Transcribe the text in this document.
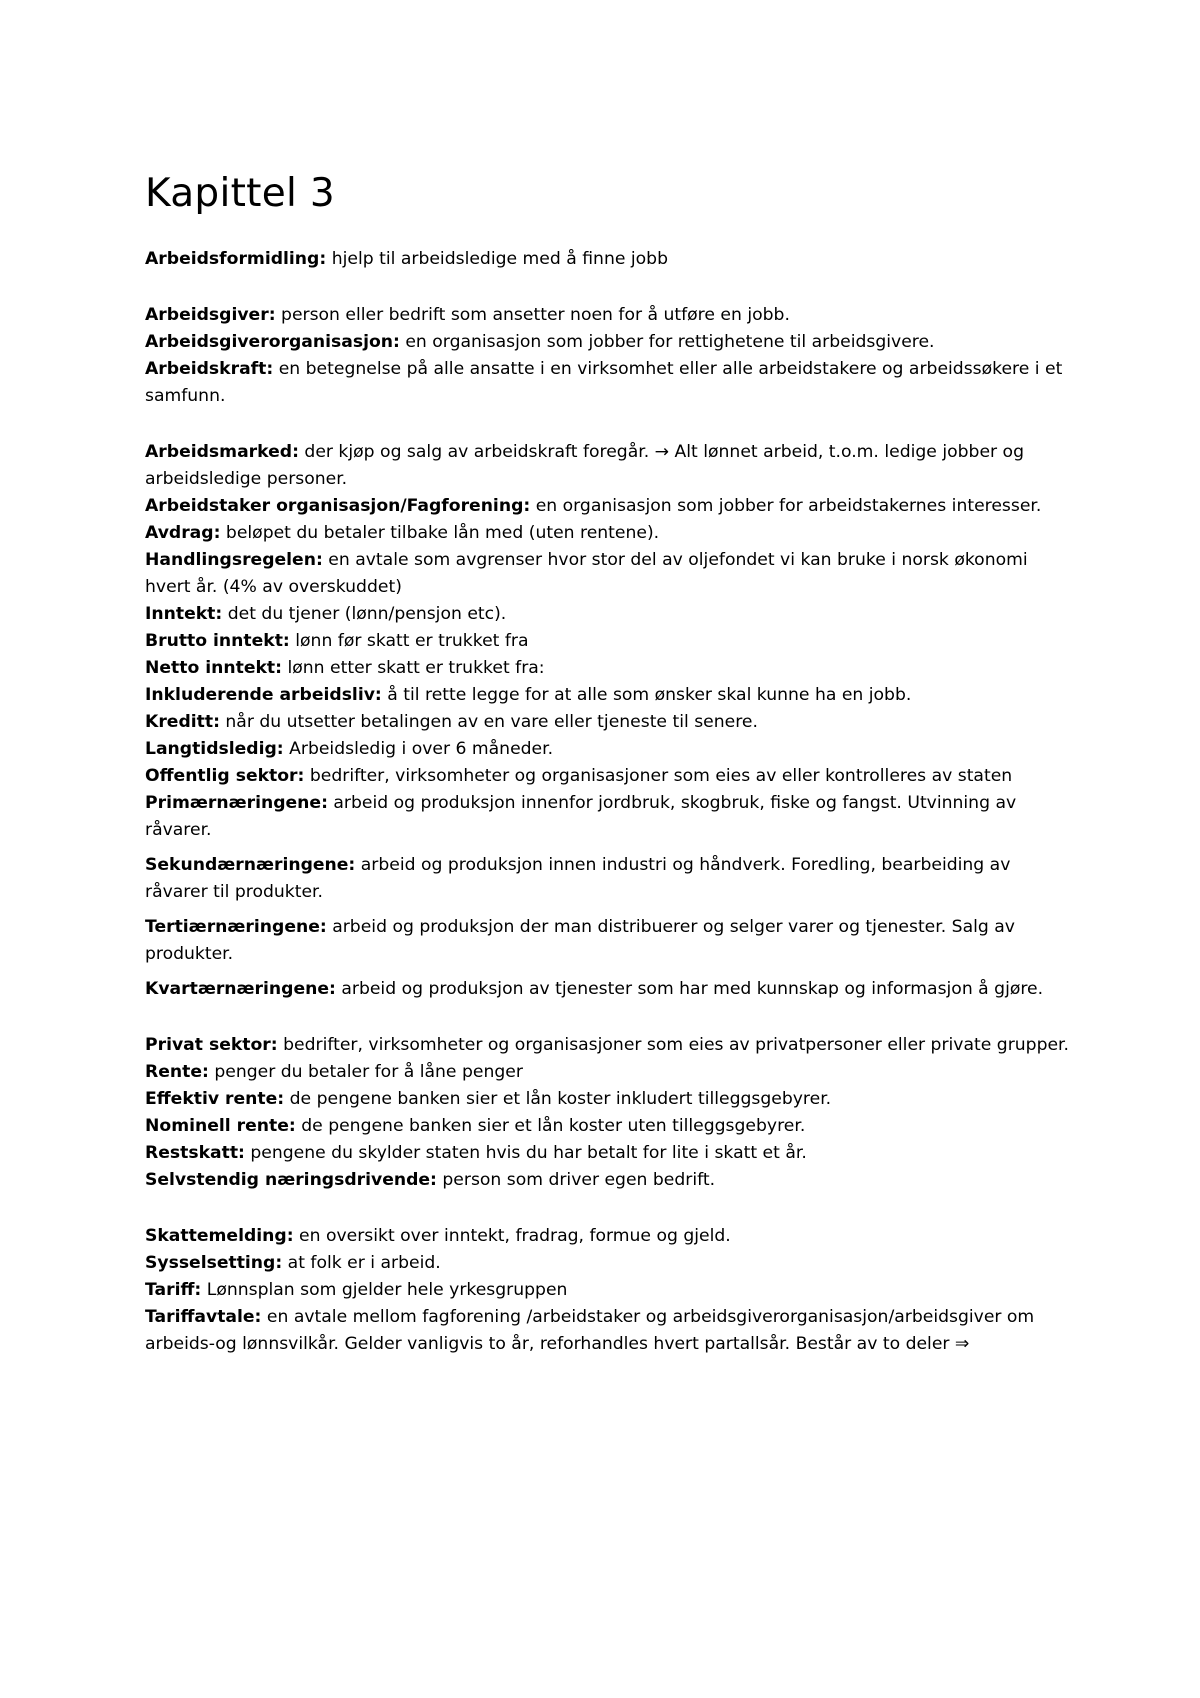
Kapittel 3

Arbeidsformidling: hjelp til arbeidsledige med å finne jobb

Arbeidsgiver: person eller bedrift som ansetter noen for å utføre en jobb.

Arbeidsgiverorganisasjon: en organisasjon som jobber for rettighetene til arbeidsgivere.

Arbeidskraft: en betegnelse på alle ansatte i en virksomhet eller alle arbeidstakere og arbeidssøkere i et samfunn.

Arbeidsmarked: der kjøp og salg av arbeidskraft foregår. → Alt lønnet arbeid, t.o.m. ledige jobber og arbeidsledige personer.

Arbeidstaker organisasjon/Fagforening: en organisasjon som jobber for arbeidstakernes interesser.

Avdrag: beløpet du betaler tilbake lån med (uten rentene).

Handlingsregelen: en avtale som avgrenser hvor stor del av oljefondet vi kan bruke i norsk økonomi hvert år. (4% av overskuddet)

Inntekt: det du tjener (lønn/pensjon etc).

Brutto inntekt: lønn før skatt er trukket fra

Netto inntekt: lønn etter skatt er trukket fra:

Inkluderende arbeidsliv: å til rette legge for at alle som ønsker skal kunne ha en jobb.

Kreditt: når du utsetter betalingen av en vare eller tjeneste til senere.

Langtidsledig: Arbeidsledig i over 6 måneder.

Offentlig sektor: bedrifter, virksomheter og organisasjoner som eies av eller kontrolleres av staten

Primærnæringene: arbeid og produksjon innenfor jordbruk, skogbruk, fiske og fangst. Utvinning av råvarer.

Sekundærnæringene: arbeid og produksjon innen industri og håndverk. Foredling, bearbeiding av råvarer til produkter.

Tertiærnæringene: arbeid og produksjon der man distribuerer og selger varer og tjenester. Salg av produkter.

Kvartærnæringene: arbeid og produksjon av tjenester som har med kunnskap og informasjon å gjøre.

Privat sektor: bedrifter, virksomheter og organisasjoner som eies av privatpersoner eller private grupper.

Rente: penger du betaler for å låne penger

Effektiv rente: de pengene banken sier et lån koster inkludert tilleggsgebyrer.

Nominell rente: de pengene banken sier et lån koster uten tilleggsgebyrer.

Restskatt: pengene du skylder staten hvis du har betalt for lite i skatt et år.

Selvstendig næringsdrivende: person som driver egen bedrift.

Skattemelding: en oversikt over inntekt, fradrag, formue og gjeld.

Sysselsetting: at folk er i arbeid.

Tariff: Lønnsplan som gjelder hele yrkesgruppen

Tariffavtale: en avtale mellom fagforening /arbeidstaker og arbeidsgiverorganisasjon/arbeidsgiver om arbeids-og lønnsvilkår. Gelder vanligvis to år, reforhandles hvert partallsår. Består av to deler ⇒
